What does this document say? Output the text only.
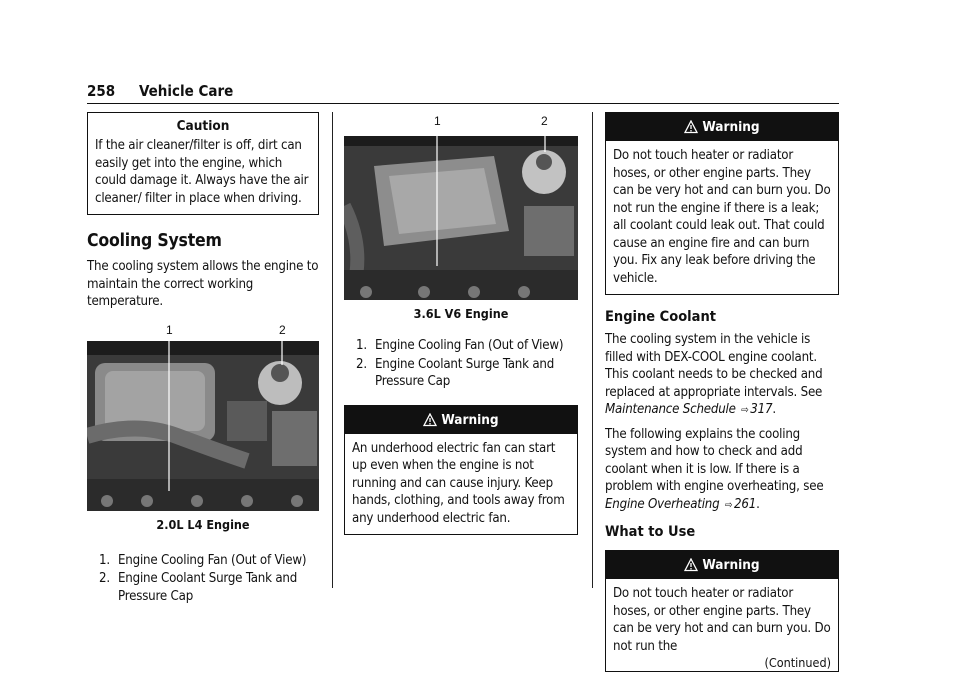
258 Vehicle Care
Caution
If the air cleaner/filter is off, dirt can easily get into the engine, which could damage it. Always have the air cleaner/ filter in place when driving.
Cooling System
The cooling system allows the engine to maintain the correct working temperature.
1	2
2.0L L4 Engine
1. Engine Cooling Fan (Out of View)
2. Engine Coolant Surge Tank and Pressure Cap
1	2
3.6L V6 Engine
1. Engine Cooling Fan (Out of View)
2. Engine Coolant Surge Tank and Pressure Cap
Warning
An underhood electric fan can start up even when the engine is not running and can cause injury. Keep hands, clothing, and tools away from any underhood electric fan.
Warning
Do not touch heater or radiator hoses, or other engine parts. They can be very hot and can burn you. Do not run the engine if there is a leak; all coolant could leak out. That could cause an engine fire and can burn you. Fix any leak before driving the vehicle.
Engine Coolant
The cooling system in the vehicle is filled with DEX-COOL engine coolant. This coolant needs to be checked and replaced at appropriate intervals. See Maintenance Schedule ⇨ 317.
The following explains the cooling system and how to check and add coolant when it is low. If there is a problem with engine overheating, see Engine Overheating ⇨ 261.
What to Use
Warning
Do not touch heater or radiator hoses, or other engine parts. They can be very hot and can burn you. Do not run the
(Continued)
